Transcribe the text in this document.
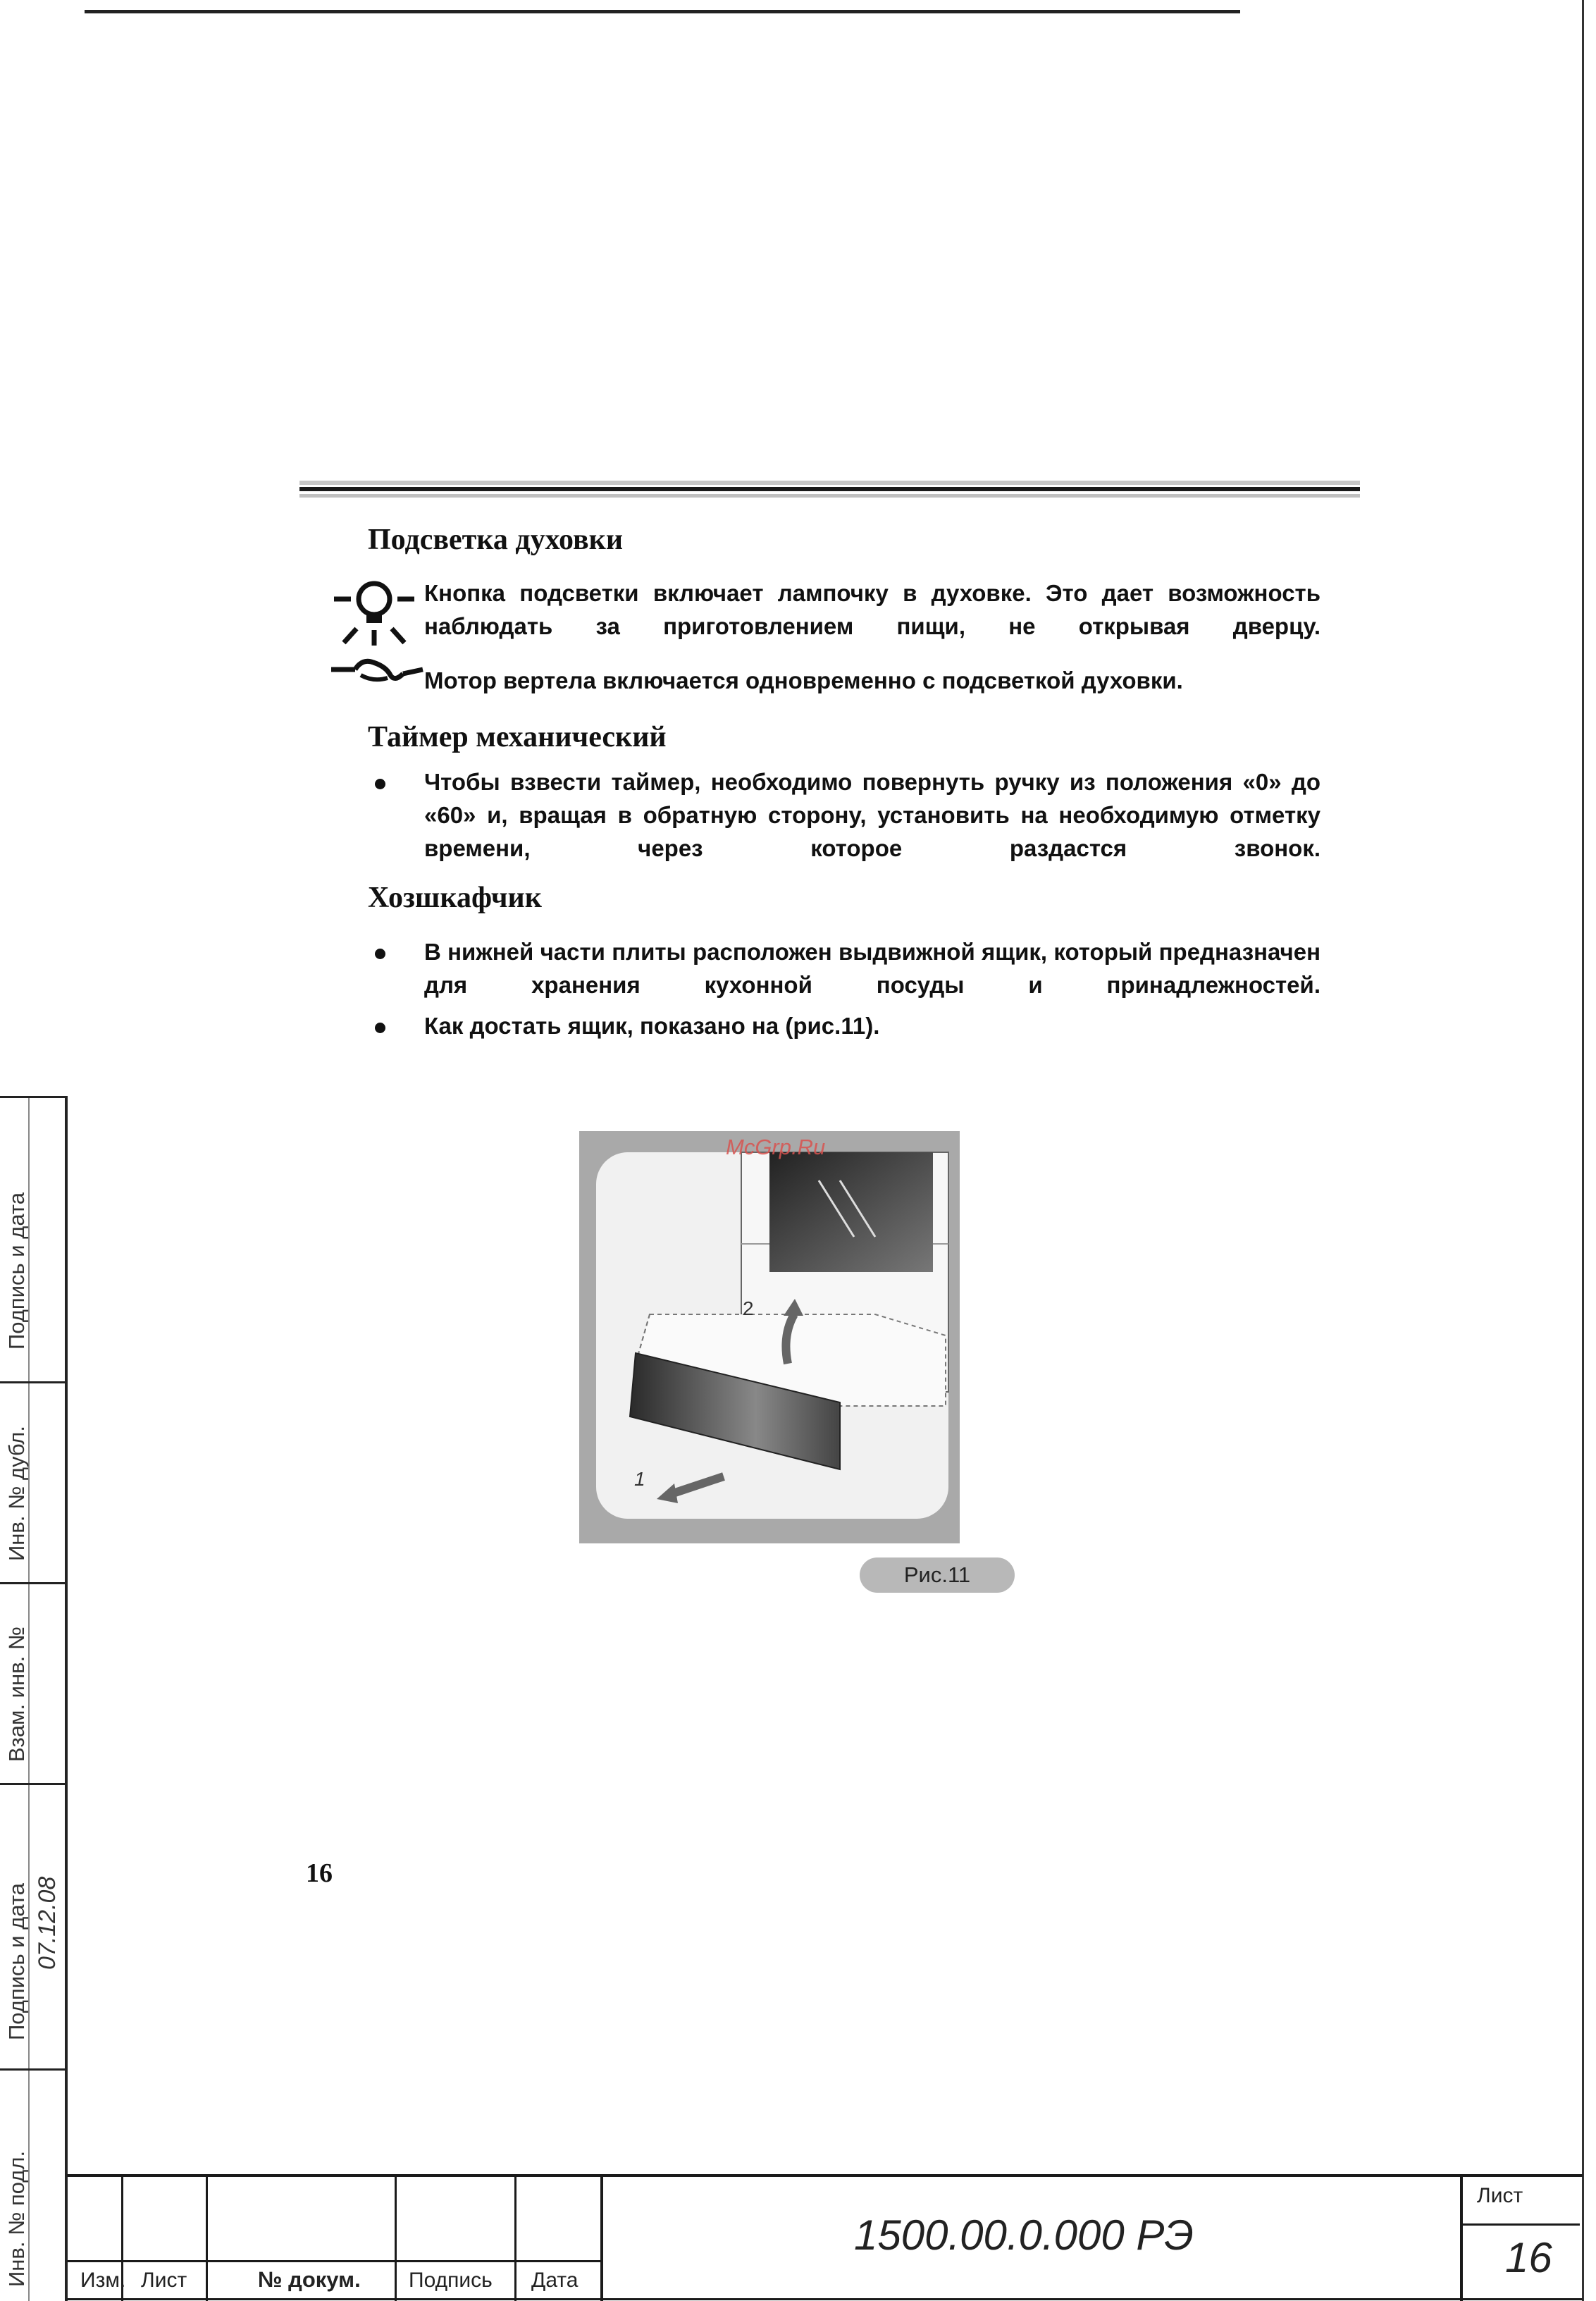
Подсветка духовки
Кнопка подсветки включает лампочку в духовке. Это дает возможность наблюдать за приготовлением пищи, не открывая дверцу.
Мотор вертела включается одновременно с подсветкой духовки.
Таймер механический
Чтобы взвести таймер, необходимо повернуть ручку из положения «0» до «60» и, вращая в обратную сторону, установить на необходимую отметку времени, через которое раздастся звонок.
Хозшкафчик
В нижней части плиты расположен выдвижной ящик, который предназначен для хранения кухонной посуды и принадлежностей.
Как достать ящик, показано на (рис.11).
2
1
McGrp.Ru
Рис.11
16
Подпись и дата
Инв. № дубл.
Взам. инв. №
Подпись и дата
Инв. № подл.
07.12.08
1500.00.0.000 РЭ
Лист
16
Изм. Лист	№ докум. Подпись Дата
